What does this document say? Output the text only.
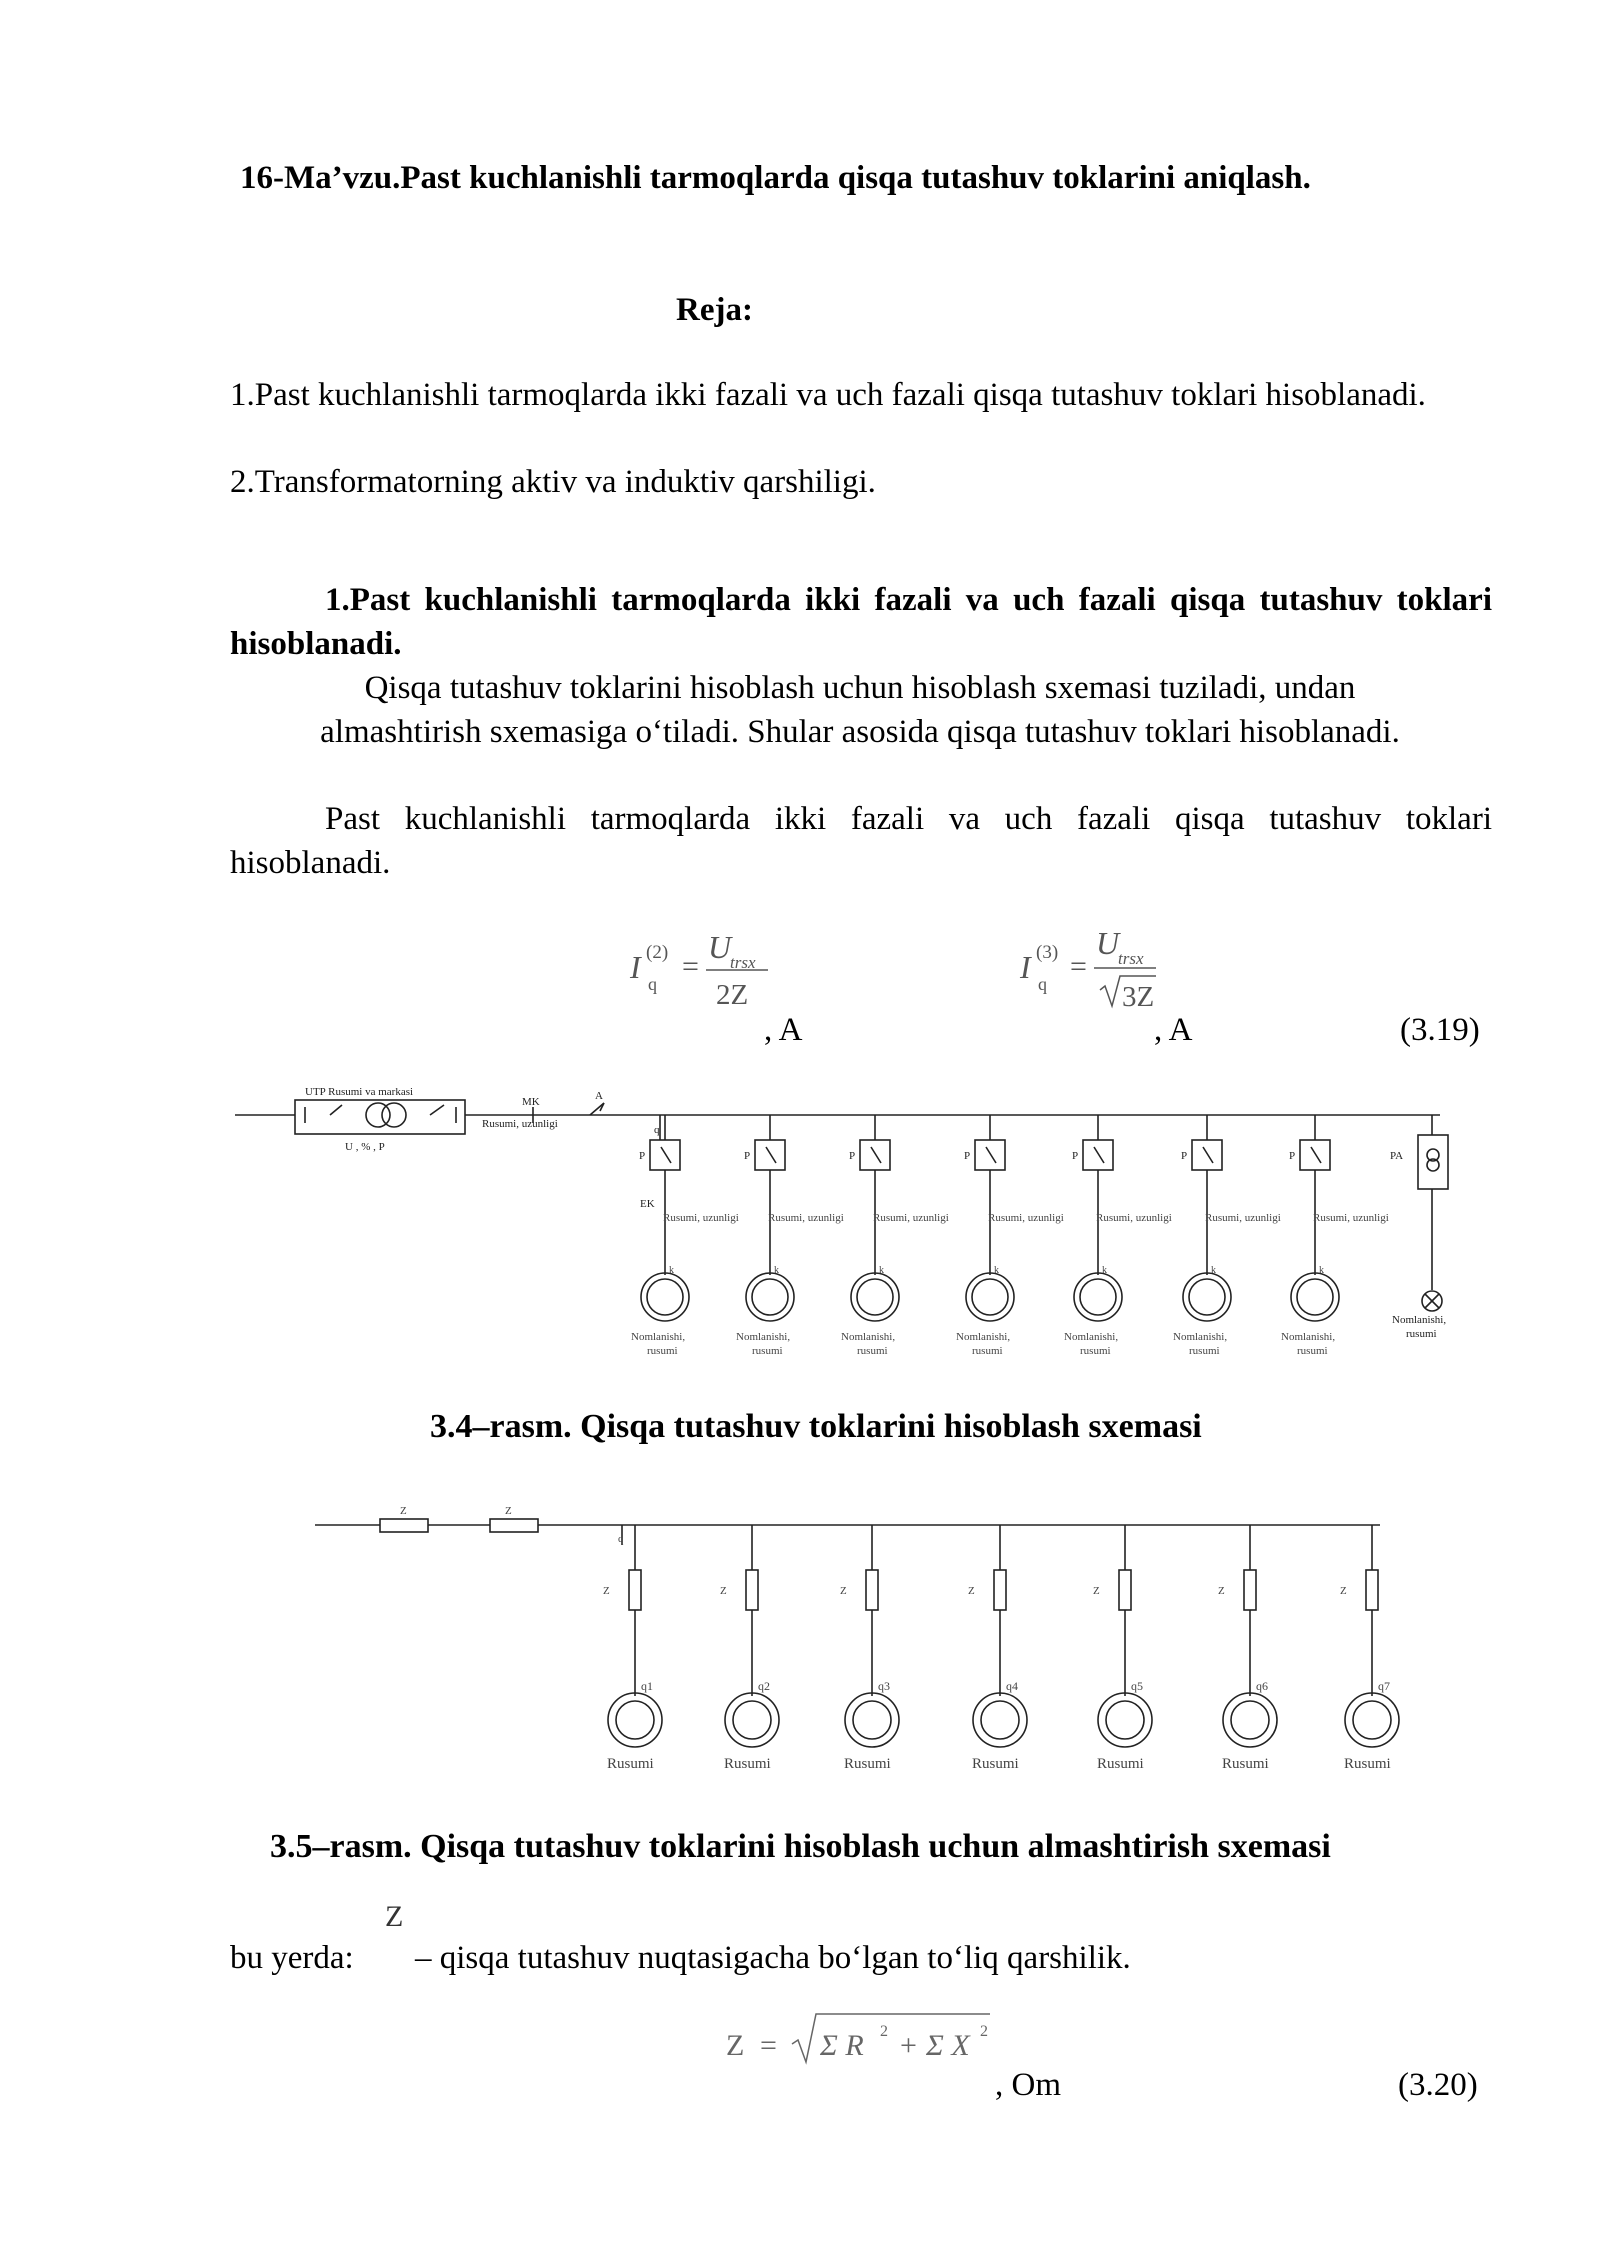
16-Ma’vzu.Past kuchlanishli tarmoqlarda qisqa tutashuv toklarini aniqlash.
Reja:
1.Past kuchlanishli tarmoqlarda ikki fazali va uch fazali qisqa tutashuv toklari hisoblanadi.
2.Transformatorning aktiv va induktiv qarshiligi.
1.Past kuchlanishli tarmoqlarda ikki fazali va uch fazali qisqa tutashuv toklari hisoblanadi.
Qisqa tutashuv toklarini hisoblash uchun hisoblash sxemasi tuziladi, undan almashtirish sxemasiga o‘tiladi. Shular asosida qisqa tutashuv toklari hisoblanadi.
Past kuchlanishli tarmoqlarda ikki fazali va uch fazali qisqa tutashuv toklari hisoblanadi.
I (2)
q
=
U
trsx
2Z
, A
I (3)
q
=
U
trsx
3Z
, A	(3.19)
UTP Rusumi va markasi
U , % , P
MK
Rusumi, uzunligi
A
q
EK
PA
Nomlanishi,
rusumi
P
Rusumi, uzunligi
k
Nomlanishi,
rusumi
P
Rusumi, uzunligi
k
Nomlanishi,
rusumi
P
Rusumi, uzunligi
k
Nomlanishi,
rusumi
P
Rusumi, uzunligi
k
Nomlanishi,
rusumi
P
Rusumi, uzunligi
k
Nomlanishi,
rusumi
P
Rusumi, uzunligi
k
Nomlanishi,
rusumi
P
Rusumi, uzunligi
k
Nomlanishi,
rusumi
3.4–rasm. Qisqa tutashuv toklarini hisoblash sxemasi
Z	Z
q
Z
q1
Rusumi
Z
q2
Rusumi
Z
q3
Rusumi
Z
q4
Rusumi
Z
q5
Rusumi
Z
q6
Rusumi
Z
q7
Rusumi
3.5–rasm. Qisqa tutashuv toklarini hisoblash uchun almashtirish sxemasi
Z
bu yerda: – qisqa tutashuv nuqtasigacha bo‘lgan to‘liq qarshilik.
Z = Σ R 2 + Σ X 2
, Om	(3.20)
